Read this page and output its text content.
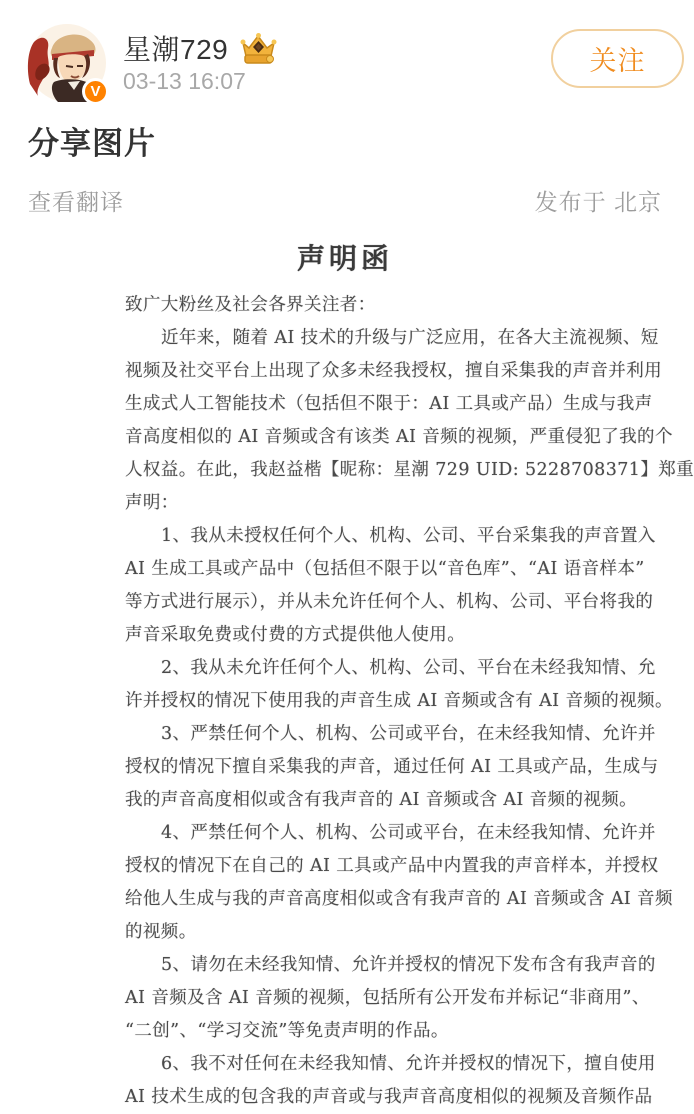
V
星潮729
03-13 16:07
关注
分享图片
查看翻译	发布于 北京
声明函
致广大粉丝及社会各界关注者：
近年来，随着 AI 技术的升级与广泛应用，在各大主流视频、短
视频及社交平台上出现了众多未经我授权，擅自采集我的声音并利用
生成式人工智能技术（包括但不限于：AI 工具或产品）生成与我声
音高度相似的 AI 音频或含有该类 AI 音频的视频，严重侵犯了我的个
人权益。在此，我赵益楷【昵称：星潮 729 UID: 5228708371】郑重
声明：
1、我从未授权任何个人、机构、公司、平台采集我的声音置入
AI 生成工具或产品中（包括但不限于以“音色库”、“AI 语音样本”
等方式进行展示），并从未允许任何个人、机构、公司、平台将我的
声音采取免费或付费的方式提供他人使用。
2、我从未允许任何个人、机构、公司、平台在未经我知情、允
许并授权的情况下使用我的声音生成 AI 音频或含有 AI 音频的视频。
3、严禁任何个人、机构、公司或平台，在未经我知情、允许并
授权的情况下擅自采集我的声音，通过任何 AI 工具或产品，生成与
我的声音高度相似或含有我声音的 AI 音频或含 AI 音频的视频。
4、严禁任何个人、机构、公司或平台，在未经我知情、允许并
授权的情况下在自己的 AI 工具或产品中内置我的声音样本，并授权
给他人生成与我的声音高度相似或含有我声音的 AI 音频或含 AI 音频
的视频。
5、请勿在未经我知情、允许并授权的情况下发布含有我声音的
AI 音频及含 AI 音频的视频，包括所有公开发布并标记“非商用”、
“二创”、“学习交流”等免责声明的作品。
6、我不对任何在未经我知情、允许并授权的情况下，擅自使用
AI 技术生成的包含我的声音或与我声音高度相似的视频及音频作品
